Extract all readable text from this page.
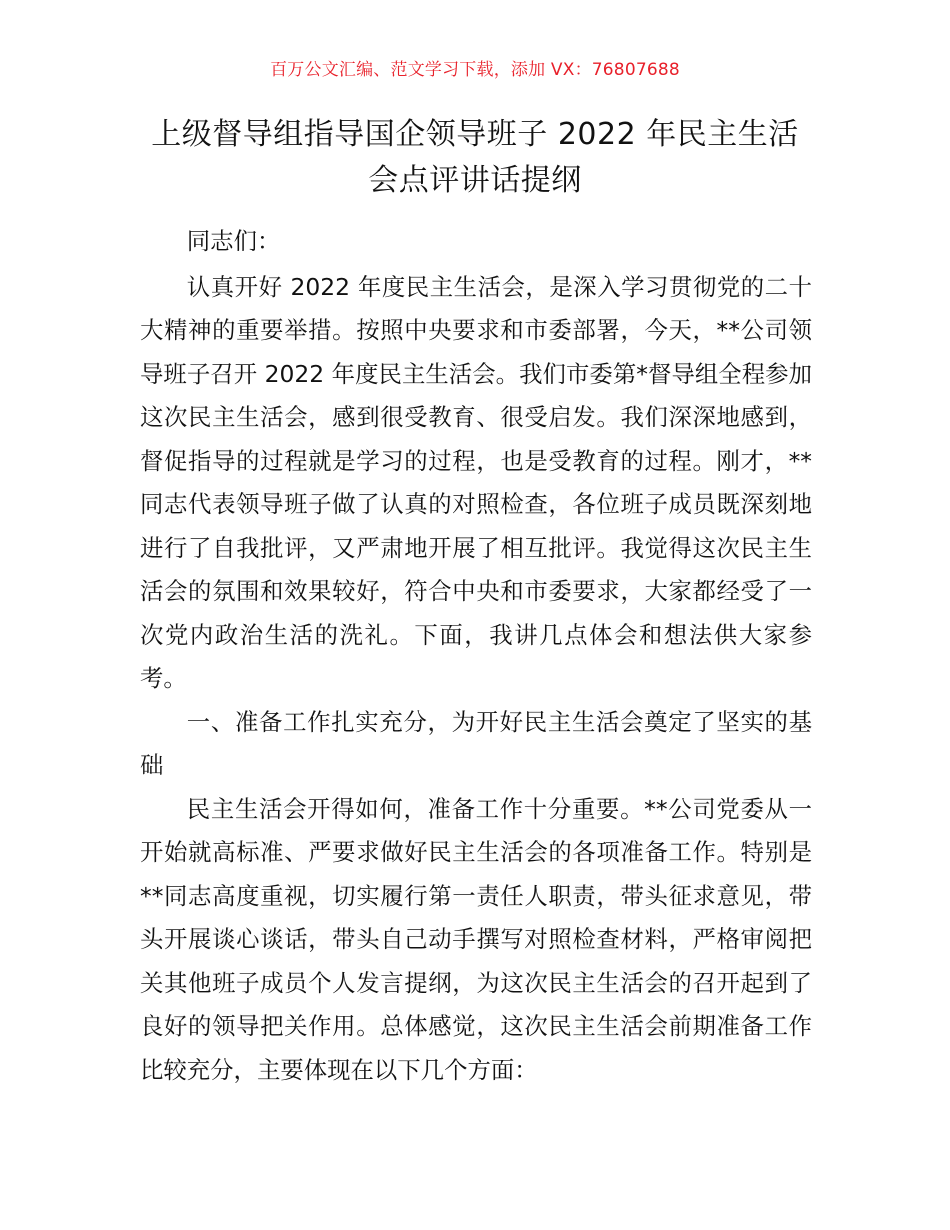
百万公文汇编、范文学习下载，添加 VX：76807688
上级督导组指导国企领导班子 2022 年民主生活会点评讲话提纲

同志们：

认真开好 2022 年度民主生活会，是深入学习贯彻党的二十大精神的重要举措。按照中央要求和市委部署，今天，**公司领导班子召开 2022 年度民主生活会。我们市委第*督导组全程参加这次民主生活会，感到很受教育、很受启发。我们深深地感到，督促指导的过程就是学习的过程，也是受教育的过程。刚才，**同志代表领导班子做了认真的对照检查，各位班子成员既深刻地进行了自我批评，又严肃地开展了相互批评。我觉得这次民主生活会的氛围和效果较好，符合中央和市委要求，大家都经受了一次党内政治生活的洗礼。下面，我讲几点体会和想法供大家参考。

一、准备工作扎实充分，为开好民主生活会奠定了坚实的基础

民主生活会开得如何，准备工作十分重要。**公司党委从一开始就高标准、严要求做好民主生活会的各项准备工作。特别是**同志高度重视，切实履行第一责任人职责，带头征求意见，带头开展谈心谈话，带头自己动手撰写对照检查材料，严格审阅把关其他班子成员个人发言提纲，为这次民主生活会的召开起到了良好的领导把关作用。总体感觉，这次民主生活会前期准备工作比较充分，主要体现在以下几个方面：
